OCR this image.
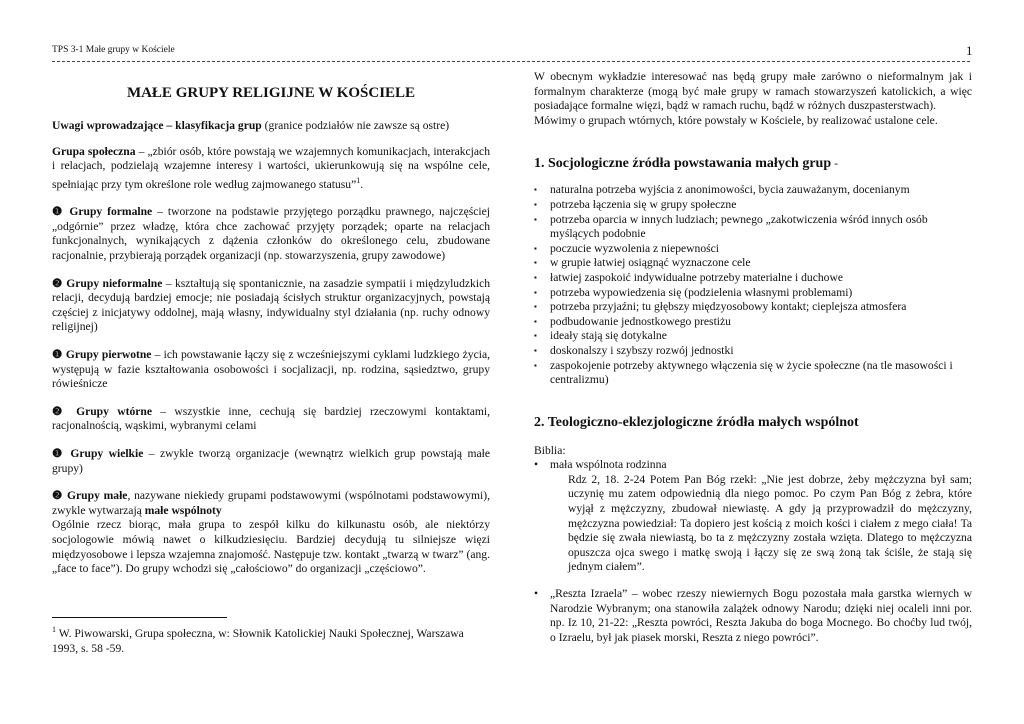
TPS 3-1 Małe grupy w Kościele	1
MAŁE GRUPY RELIGIJNE W KOŚCIELE

Uwagi wprowadzające – klasyfikacja grup (granice podziałów nie zawsze są ostre)

Grupa społeczna – „zbiór osób, które powstają we wzajemnych komunikacjach, interakcjach i relacjach, podzielają wzajemne interesy i wartości, ukierunkowują się na wspólne cele, spełniając przy tym określone role według zajmowanego statusu”$^1$.

❶ Grupy formalne – tworzone na podstawie przyjętego porządku prawnego, najczęściej „odgórnie” przez władzę, która chce zachować przyjęty porządek; oparte na relacjach funkcjonalnych, wynikających z dążenia członków do określonego celu, zbudowane racjonalnie, przybierają porządek organizacji (np. stowarzyszenia, grupy zawodowe)

❷ Grupy nieformalne – kształtują się spontanicznie, na zasadzie sympatii i międzyludzkich relacji, decydują bardziej emocje; nie posiadają ścisłych struktur organizacyjnych, powstają częściej z inicjatywy oddolnej, mają własny, indywidualny styl działania (np. ruchy odnowy religijnej)

❶ Grupy pierwotne – ich powstawanie łączy się z wcześniejszymi cyklami ludzkiego życia, występują w fazie kształtowania osobowości i socjalizacji, np. rodzina, sąsiedztwo, grupy rówieśnicze

❷ Grupy wtórne – wszystkie inne, cechują się bardziej rzeczowymi kontaktami, racjonalnością, wąskimi, wybranymi celami

❶ Grupy wielkie – zwykle tworzą organizacje (wewnątrz wielkich grup powstają małe grupy)

❷ Grupy małe, nazywane niekiedy grupami podstawowymi (wspólnotami podstawowymi), zwykle wytwarzają małe wspólnoty

Ogólnie rzecz biorąc, mała grupa to zespół kilku do kilkunastu osób, ale niektórzy socjologowie mówią nawet o kilkudziesięciu. Bardziej decydują tu silniejsze więzi międzyosobowe i lepsza wzajemna znajomość. Następuje tzw. kontakt „twarzą w twarz” (ang. „face to face”). Do grupy wchodzi się „całościowo” do organizacji „częściowo”.

$^1$ W. Piwowarski, Grupa społeczna, w: Słownik Katolickiej Nauki Społecznej, Warszawa 1993, s. 58 -59.

W obecnym wykładzie interesować nas będą grupy małe zarówno o nieformalnym jak i formalnym charakterze (mogą być małe grupy w ramach stowarzyszeń katolickich, a więc posiadające formalne więzi, bądź w ramach ruchu, bądź w różnych duszpasterstwach).

Mówimy o grupach wtórnych, które powstały w Kościele, by realizować ustalone cele.

1. Socjologiczne źródła powstawania małych grup -
▪ naturalna potrzeba wyjścia z anonimowości, bycia zauważanym, docenianym
▪ potrzeba łączenia się w grupy społeczne
▪ potrzeba oparcia w innych ludziach; pewnego „zakotwiczenia wśród innych osób myślących podobnie
▪ poczucie wyzwolenia z niepewności
▪ w grupie łatwiej osiągnąć wyznaczone cele
▪ łatwiej zaspokoić indywidualne potrzeby materialne i duchowe
▪ potrzeba wypowiedzenia się (podzielenia własnymi problemami)
▪ potrzeba przyjaźni; tu głębszy międzyosobowy kontakt; cieplejsza atmosfera
▪ podbudowanie jednostkowego prestiżu
▪ ideały stają się dotykalne
▪ doskonalszy i szybszy rozwój jednostki
▪ zaspokojenie potrzeby aktywnego włączenia się w życie społeczne (na tle masowości i centralizmu)
2. Teologiczno-eklezjologiczne źródła małych wspólnot
Biblia:
• mała wspólnota rodzinna
Rdz 2, 18. 2-24 Potem Pan Bóg rzekł: „Nie jest dobrze, żeby mężczyzna był sam; uczynię mu zatem odpowiednią dla niego pomoc. Po czym Pan Bóg z żebra, które wyjął z mężczyzny, zbudował niewiastę. A gdy ją przyprowadził do mężczyzny, mężczyzna powiedział: Ta dopiero jest kością z moich kości i ciałem z mego ciała! Ta będzie się zwała niewiastą, bo ta z mężczyzny została wzięta. Dlatego to mężczyzna opuszcza ojca swego i matkę swoją i łączy się ze swą żoną tak ściśle, że stają się jednym ciałem”.
• „Reszta Izraela” – wobec rzeszy niewiernych Bogu pozostała mała garstka wiernych w Narodzie Wybranym; ona stanowiła zalążek odnowy Narodu; dzięki niej ocaleli inni por. np. Iz 10, 21-22: „Reszta powróci, Reszta Jakuba do boga Mocnego. Bo choćby lud twój, o Izraelu, był jak piasek morski, Reszta z niego powróci”.
